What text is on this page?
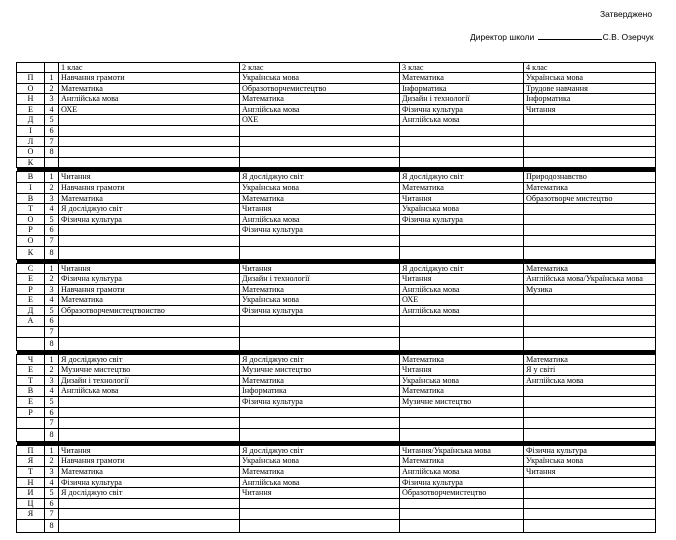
Затверджено
Директор школи	С.В. Озерчук
		1 клас	2 клас	3 клас	4 клас
П	1	Навчання грамоти	Українська мова	Математика	Українська мова
О	2	Математика	Образотворчемистецтво	Інформатика	Трудове навчання
Н	3	Англійська мова	Математика	Дизайн і технології	Інформатика
Е	4	ОХЕ	Англійська мова	Фізична культура	Читання
Д	5		ОХЕ	Англійська мова	
І	6				
Л	7				
О	8				
К					

В	1	Читання	Я досліджую світ	Я досліджую світ	Природознавство
І	2	Навчання грамоти	Українська мова	Математика	Математика
В	3	Математика	Математика	Читання	Образотворче мистецтво
Т	4	Я досліджую світ	Читання	Українська мова	
О	5	Фізична культура	Англійська мова	Фізична культура	
Р	6		Фізична культура		
О	7				
К	8				

С	1	Читання	Читання	Я досліджую світ	Математика
Е	2	Фізична культура	Дизайн і технології	Читання	Англійська мова/Українська мова
Р	3	Навчання грамоти	Математика	Англійська мова	Музика
Е	4	Математика	Українська мова	ОХЕ	
Д	5	Образотворчемистецтвоиство	Фізична культура	Англійська мова	
А	6				
	7				
	8				

Ч	1	Я досліджую світ	Я досліджую світ	Математика	Математика
Е	2	Музичне мистецтво	Музичне мистецтво	Читання	Я у світі
Т	3	Дизайн і технології	Математика	Українська мова	Англійська мова
В	4	Англійська мова	Інформатика	Математика	
Е	5		Фізична культура	Музичне мистецтво	
Р	6				
	7				
	8				

П	1	Читання	Я досліджую світ	Читання/Українська мова	Фізична культура
Я	2	Навчання грамоти	Українська мова	Математика	Українська мова
Т	3	Математика	Математика	Англійська мова	Читання
Н	4	Фізична культура	Англійська мова	Фізична культура	
И	5	Я досліджую світ	Читання	Образотворчемистецтво	
Ц	6				
Я	7				
	8				
